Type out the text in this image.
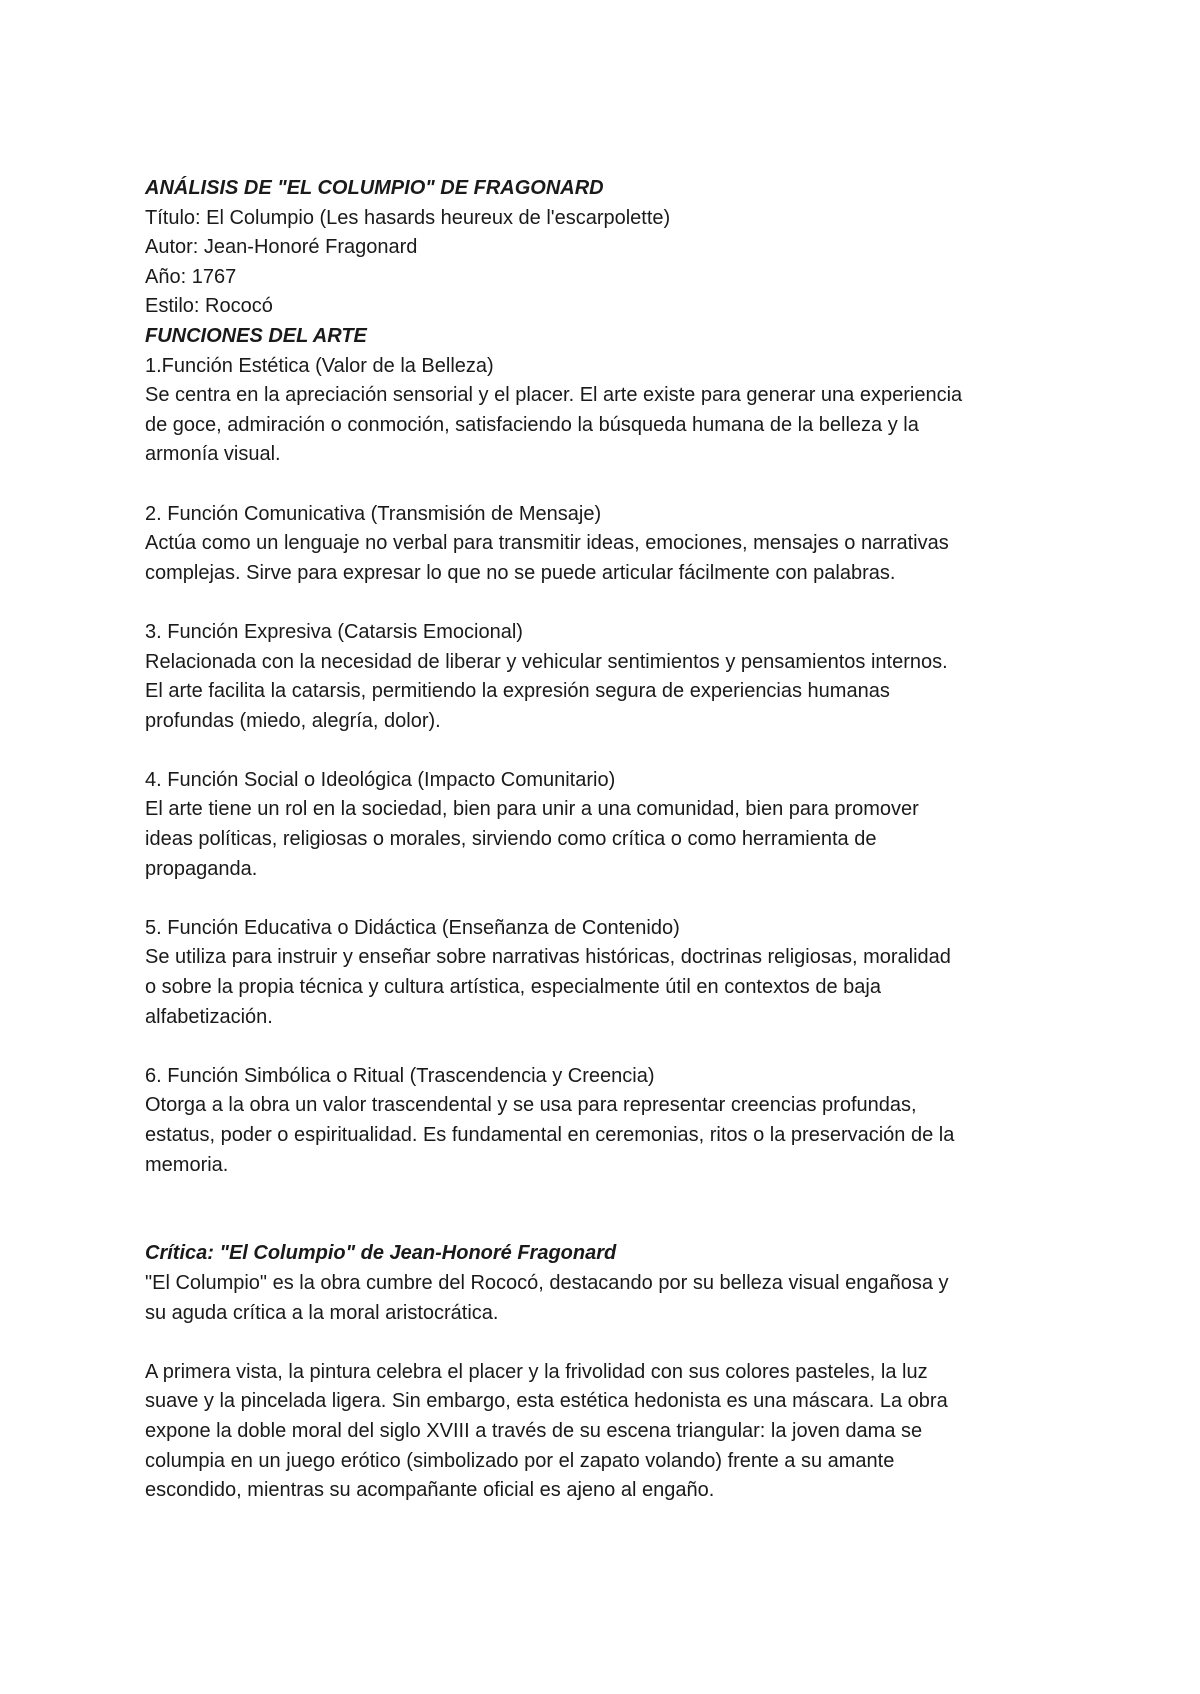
ANÁLISIS DE "EL COLUMPIO" DE FRAGONARD

Título: El Columpio (Les hasards heureux de l'escarpolette)

Autor: Jean-Honoré Fragonard

Año: 1767

Estilo: Rococó

FUNCIONES DEL ARTE

1.Función Estética (Valor de la Belleza)

Se centra en la apreciación sensorial y el placer. El arte existe para generar una experiencia

de goce, admiración o conmoción, satisfaciendo la búsqueda humana de la belleza y la

armonía visual.

2. Función Comunicativa (Transmisión de Mensaje)

Actúa como un lenguaje no verbal para transmitir ideas, emociones, mensajes o narrativas

complejas. Sirve para expresar lo que no se puede articular fácilmente con palabras.

3. Función Expresiva (Catarsis Emocional)

Relacionada con la necesidad de liberar y vehicular sentimientos y pensamientos internos.

El arte facilita la catarsis, permitiendo la expresión segura de experiencias humanas

profundas (miedo, alegría, dolor).

4. Función Social o Ideológica (Impacto Comunitario)

El arte tiene un rol en la sociedad, bien para unir a una comunidad, bien para promover

ideas políticas, religiosas o morales, sirviendo como crítica o como herramienta de

propaganda.

5. Función Educativa o Didáctica (Enseñanza de Contenido)

Se utiliza para instruir y enseñar sobre narrativas históricas, doctrinas religiosas, moralidad

o sobre la propia técnica y cultura artística, especialmente útil en contextos de baja

alfabetización.

6. Función Simbólica o Ritual (Trascendencia y Creencia)

Otorga a la obra un valor trascendental y se usa para representar creencias profundas,

estatus, poder o espiritualidad. Es fundamental en ceremonias, ritos o la preservación de la

memoria.

Crítica: "El Columpio" de Jean-Honoré Fragonard

"El Columpio" es la obra cumbre del Rococó, destacando por su belleza visual engañosa y

su aguda crítica a la moral aristocrática.

A primera vista, la pintura celebra el placer y la frivolidad con sus colores pasteles, la luz

suave y la pincelada ligera. Sin embargo, esta estética hedonista es una máscara. La obra

expone la doble moral del siglo XVIII a través de su escena triangular: la joven dama se

columpia en un juego erótico (simbolizado por el zapato volando) frente a su amante

escondido, mientras su acompañante oficial es ajeno al engaño.
